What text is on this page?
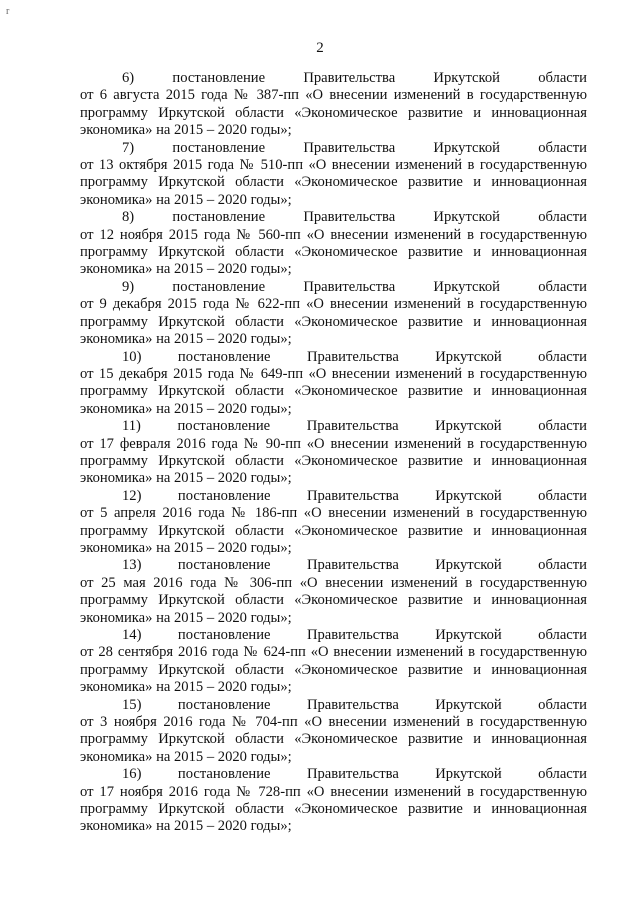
r
2
6)	постановление	Правительства	Иркутской	области
от 6 августа 2015 года № 387-пп «О внесении изменений в государственную
программу Иркутской области «Экономическое развитие и инновационная
экономика» на 2015 – 2020 годы»;
7)	постановление	Правительства	Иркутской	области
от 13 октября 2015 года № 510-пп «О внесении изменений в государственную
программу Иркутской области «Экономическое развитие и инновационная
экономика» на 2015 – 2020 годы»;
8)	постановление	Правительства	Иркутской	области
от 12 ноября 2015 года № 560-пп «О внесении изменений в государственную
программу Иркутской области «Экономическое развитие и инновационная
экономика» на 2015 – 2020 годы»;
9)	постановление	Правительства	Иркутской	области
от 9 декабря 2015 года № 622-пп «О внесении изменений в государственную
программу Иркутской области «Экономическое развитие и инновационная
экономика» на 2015 – 2020 годы»;
10) постановление Правительства Иркутской области
от 15 декабря 2015 года № 649-пп «О внесении изменений в государственную
программу Иркутской области «Экономическое развитие и инновационная
экономика» на 2015 – 2020 годы»;
11)	постановление	Правительства	Иркутской	области
от 17 февраля 2016 года № 90-пп «О внесении изменений в государственную
программу Иркутской области «Экономическое развитие и инновационная
экономика» на 2015 – 2020 годы»;
12) постановление Правительства Иркутской области
от 5 апреля 2016 года № 186-пп «О внесении изменений в государственную
программу Иркутской области «Экономическое развитие и инновационная
экономика» на 2015 – 2020 годы»;
13) постановление Правительства Иркутской области
от 25 мая 2016 года № 306-пп «О внесении изменений в государственную
программу Иркутской области «Экономическое развитие и инновационная
экономика» на 2015 – 2020 годы»;
14) постановление Правительства Иркутской области
от 28 сентября 2016 года № 624-пп «О внесении изменений в государственную
программу Иркутской области «Экономическое развитие и инновационная
экономика» на 2015 – 2020 годы»;
15) постановление Правительства Иркутской области
от 3 ноября 2016 года № 704-пп «О внесении изменений в государственную
программу Иркутской области «Экономическое развитие и инновационная
экономика» на 2015 – 2020 годы»;
16) постановление Правительства Иркутской области
от 17 ноября 2016 года № 728-пп «О внесении изменений в государственную
программу Иркутской области «Экономическое развитие и инновационная
экономика» на 2015 – 2020 годы»;
